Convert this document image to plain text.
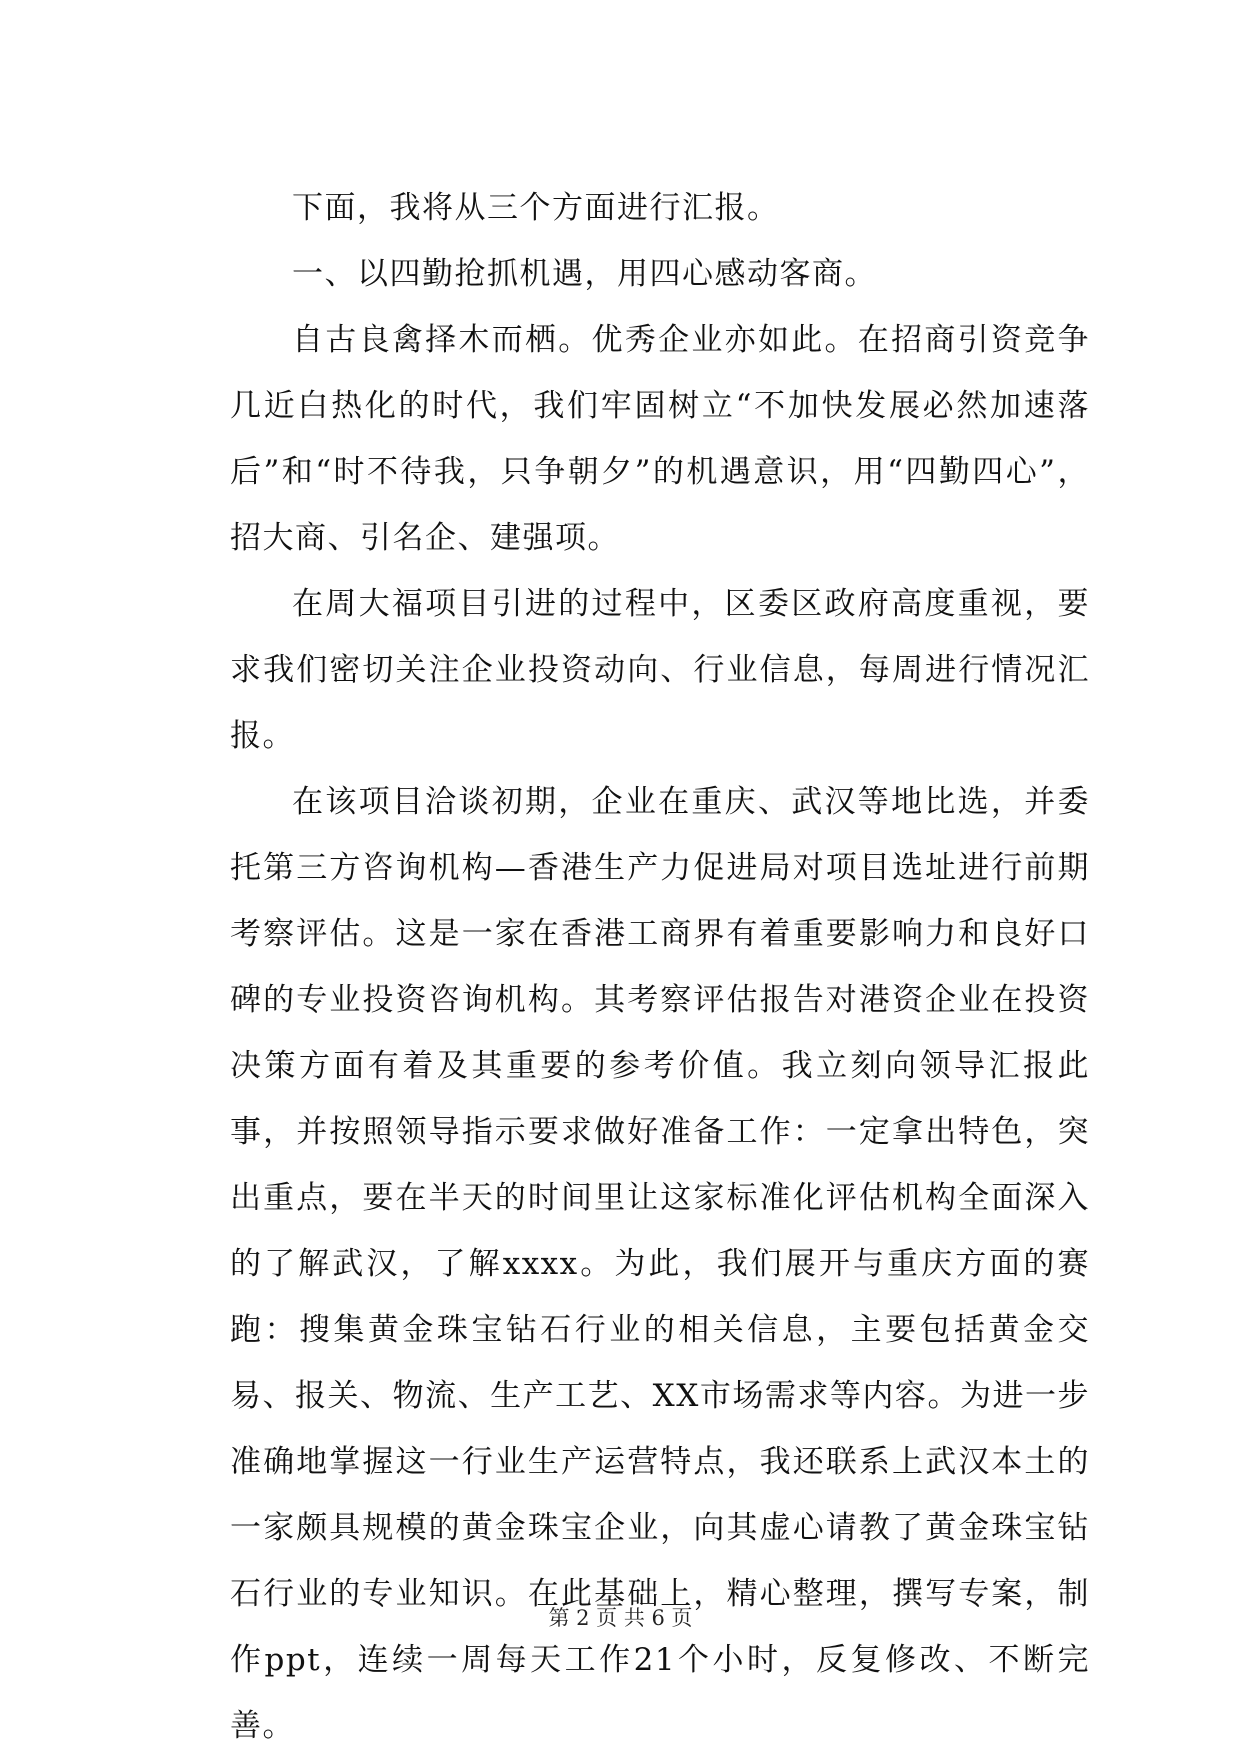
下面，我将从三个方面进行汇报。

一、以四勤抢抓机遇，用四心感动客商。

自古良禽择木而栖。优秀企业亦如此。在招商引资竞争几近白热化的时代，我们牢固树立“不加快发展必然加速落后”和“时不待我，只争朝夕”的机遇意识，用“四勤四心”，招大商、引名企、建强项。

在周大福项目引进的过程中，区委区政府高度重视，要求我们密切关注企业投资动向、行业信息，每周进行情况汇报。

在该项目洽谈初期，企业在重庆、武汉等地比选，并委托第三方咨询机构—香港生产力促进局对项目选址进行前期考察评估。这是一家在香港工商界有着重要影响力和良好口碑的专业投资咨询机构。其考察评估报告对港资企业在投资决策方面有着及其重要的参考价值。我立刻向领导汇报此事，并按照领导指示要求做好准备工作：一定拿出特色，突出重点，要在半天的时间里让这家标准化评估机构全面深入的了解武汉，了解xxxx。为此，我们展开与重庆方面的赛跑：搜集黄金珠宝钻石行业的相关信息，主要包括黄金交易、报关、物流、生产工艺、XX市场需求等内容。为进一步准确地掌握这一行业生产运营特点，我还联系上武汉本土的一家颇具规模的黄金珠宝企业，向其虚心请教了黄金珠宝钻石行业的专业知识。在此基础上，精心整理，撰写专案，制作ppt，连续一周每天工作21个小时，反复修改、不断完善。

第 2 页 共 6 页
